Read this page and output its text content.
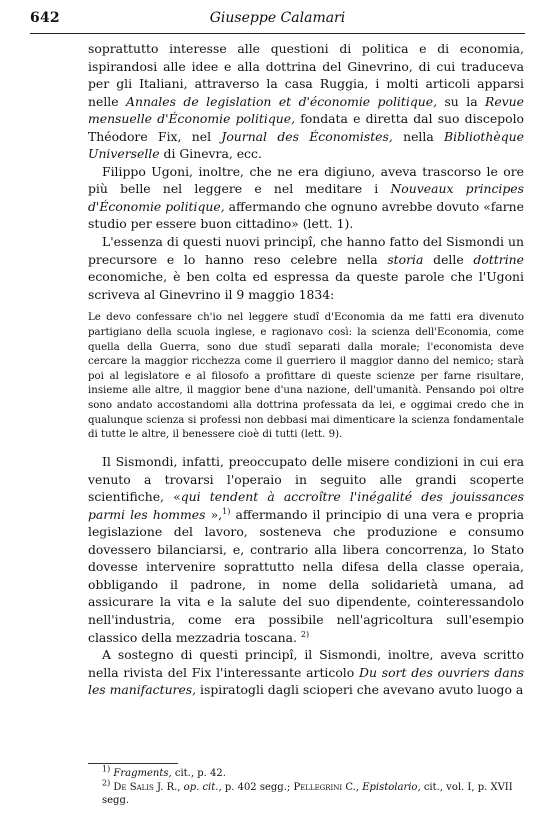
642	Giuseppe Calamari

soprattutto interesse alle questioni di politica e di economia, ispirandosi alle idee e alla dottrina del Ginevrino, di cui traduceva per gli Italiani, attraverso la casa Ruggia, i molti articoli apparsi nelle Annales de legislation et d'économie politique, su la Revue mensuelle d'Économie politique, fondata e diretta dal suo discepolo Théodore Fix, nel Journal des Économistes, nella Bibliothèque Universelle di Ginevra, ecc.

Filippo Ugoni, inoltre, che ne era digiuno, aveva trascorso le ore più belle nel leggere e nel meditare i Nouveaux principes d'Économie politique, affermando che ognuno avrebbe dovuto «farne studio per essere buon cittadino» (lett. 1).

L'essenza di questi nuovi principî, che hanno fatto del Sismondi un precursore e lo hanno reso celebre nella storia delle dottrine economiche, è ben colta ed espressa da queste parole che l'Ugoni scriveva al Ginevrino il 9 maggio 1834:

Le devo confessare ch'io nel leggere studî d'Economia da me fatti era divenuto partigiano della scuola inglese, e ragionavo così: la scienza dell'Economia, come quella della Guerra, sono due studî separati dalla morale; l'economista deve cercare la maggior ricchezza come il guerriero il maggior danno del nemico; starà poi al legislatore e al filosofo a profittare di queste scienze per farne risultare, insieme alle altre, il maggior bene d'una nazione, dell'umanità. Pensando poi oltre sono andato accostandomi alla dottrina professata da lei, e oggimai credo che in qualunque scienza si professi non debbasi mai dimenticare la scienza fondamentale di tutte le altre, il benessere cioè di tutti (lett. 9).

Il Sismondi, infatti, preoccupato delle misere condizioni in cui era venuto a trovarsi l'operaio in seguito alle grandi scoperte scientifiche, «qui tendent à accroître l'inégalité des jouissances parmi les hommes »,$^{1)}$ affermando il principio di una vera e propria legislazione del lavoro, sosteneva che produzione e consumo dovessero bilanciarsi, e, contrario alla libera concorrenza, lo Stato dovesse intervenire soprattutto nella difesa della classe operaia, obbligando il padrone, in nome della solidarietà umana, ad assicurare la vita e la salute del suo dipendente, cointeressandolo nell'industria, come era possibile nell'agricoltura sull'esempio classico della mezzadria toscana. $^{2)}$

A sostegno di questi principî, il Sismondi, inoltre, aveva scritto nella rivista del Fix l'interessante articolo Du sort des ouvriers dans les manifactures, ispiratogli dagli scioperi che avevano avuto luogo a

$^{1)}$ Fragments, cit., p. 42.

$^{2)}$ De Salis J. R., op. cit., p. 402 segg.; Pellegrini C., Epistolario, cit., vol. I, p. XVII segg.
